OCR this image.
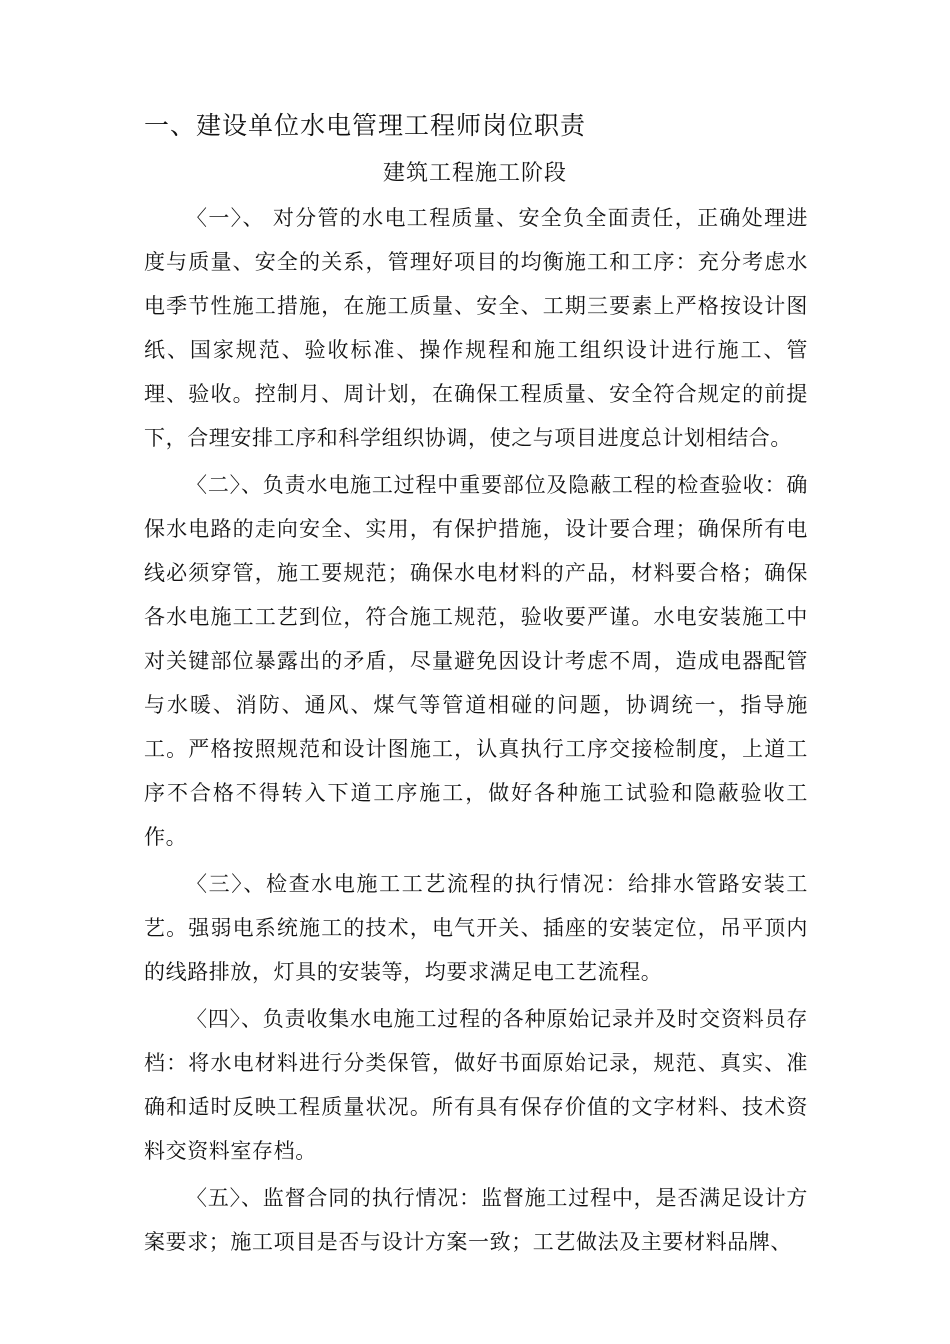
一、建设单位水电管理工程师岗位职责
建筑工程施工阶段

〈一〉、 对分管的水电工程质量、安全负全面责任，正确处理进度与质量、安全的关系，管理好项目的均衡施工和工序：充分考虑水电季节性施工措施，在施工质量、安全、工期三要素上严格按设计图纸、国家规范、验收标准、操作规程和施工组织设计进行施工、管理、验收。控制月、周计划，在确保工程质量、安全符合规定的前提下，合理安排工序和科学组织协调，使之与项目进度总计划相结合。

〈二〉、负责水电施工过程中重要部位及隐蔽工程的检查验收：确保水电路的走向安全、实用，有保护措施，设计要合理；确保所有电线必须穿管，施工要规范；确保水电材料的产品，材料要合格；确保各水电施工工艺到位，符合施工规范，验收要严谨。水电安装施工中对关键部位暴露出的矛盾，尽量避免因设计考虑不周，造成电器配管与水暖、消防、通风、煤气等管道相碰的问题，协调统一，指导施工。严格按照规范和设计图施工，认真执行工序交接检制度，上道工序不合格不得转入下道工序施工，做好各种施工试验和隐蔽验收工作。

〈三〉、检查水电施工工艺流程的执行情况：给排水管路安装工艺。强弱电系统施工的技术，电气开关、插座的安装定位，吊平顶内的线路排放，灯具的安装等，均要求满足电工艺流程。

〈四〉、负责收集水电施工过程的各种原始记录并及时交资料员存档：将水电材料进行分类保管，做好书面原始记录，规范、真实、准确和适时反映工程质量状况。所有具有保存价值的文字材料、技术资料交资料室存档。

〈五〉、监督合同的执行情况：监督施工过程中，是否满足设计方案要求；施工项目是否与设计方案一致；工艺做法及主要材料品牌、
